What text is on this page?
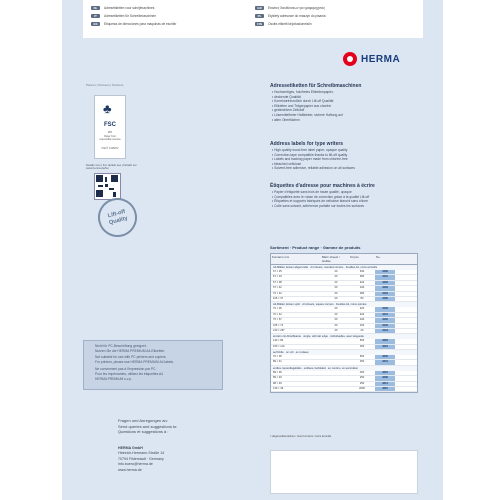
NL Adresetiketten voor schrijfmachines
IT Adresetiketten für Schreibmaschinen
ES Etiquetas de direcciones para máquinas de escribir
GR Ετικέτες διευθύνσεων για γραφομηχανές
PL Etykiety adresowe do maszyn do pisania
FIN Osoite-etiketit kirjoituskoneisiin
HERMA
Partner | Partners | Partners
♣
FSC
MIX
Paper from
responsible sources
FSC® C116872
Details zum | For details see | Détails sur
www.herma.de/fsc
Lift-off Quality
Adressetiketten für Schreibmaschinen
• Hochwertiges, holzfreies Etikettenpapier,
• deckende Qualität
• Korrekturfreundlich durch Lift-off Qualität
• Etiketten und Trägerpapier aus chorfrei
• gebleichtem Zellstoff
• Lösemittelfreier Haftkleber, sichere Haftung auf
• allen Oberflächen
Address labels for type writers
• High-quality wood-free label paper, opaque quality
• Correction-tape compatible thanks to lift-off quality
• Labels and backing paper made from chlorine-free
• bleached cellulose
• Solvent-free adhesive, reliable adhesion on all surfaces
Étiquettes d'adresse pour machines à écrire
• Papier d'étiquette sans bois de haute qualité, opaque
• Compatibles avec le ruban de correction grâce à la qualité Lift-off
• Étiquettes et supports fabriqués de cellulose blanchi sans chlore
• Colle sans solvant, adhérence parfaite sur toutes les surfaces
Sortiment · Product range · Gamme de produits
Format in mm	Blatt / sheets / feuilles
St./pcs.	No.
A4-Blätter, Ecken abgerundet · A4 sheets, rounded corners · Feuilles A4, coins arrondis
67 × 25	20	640	4430
67 × 33	20	480	4431
67 × 38	20	420	4432
97 × 42	20	240	4433
70 × 42	20	280	4434
105 × 37	20	80	4435
A4-Blätter, Ecken spitz · A4 sheets, square corners · Feuilles A4, coins pointus
70 × 36	20	420	4440
70 × 42	20	420	4441
70 × 67	20	240	4442
105 × 74	20	160	4443
210 × 297	20	20	4444
einzeln mit Abreißkante · single, with tab edge · individuelles, avec languette
130 × 80	500	4323
150 × 110	300	4324
auf Rolle · on roll · en rouleau
70 × 36	500	4340
89 × 41	250	4341
endlos, leporellogefaltet · endless, fanfolded · en continu, en accordéon
89 × 36	250	4301
89 × 49	250	4309
98 × 49	250	4314
140 × 49	2000	4315
= abgerundete Ecken / round corners / coins arrondis
Nicht für PC-Beschriftung geeignet.
Nutzen Sie die HERMA PREMIUM A4-Etiketten.
Not suitable for use with PC printers and copiers.
For printers, please use HERMA PREMIUM A4 labels.
Ne convennent pas à l'impression par PC.
Pour les imprimantes, utilisez les étiquettes A4
HERMA PREMIUM s.v.p.
Fragen und Anregungen an:
Send queries and suggestions to:
Questions et suggestions à :
HERMA GmbH
Heinrich-Hermann-Straße 14
70794 Filderstadt · Germany
info.buero@herma.de
www.herma.de
